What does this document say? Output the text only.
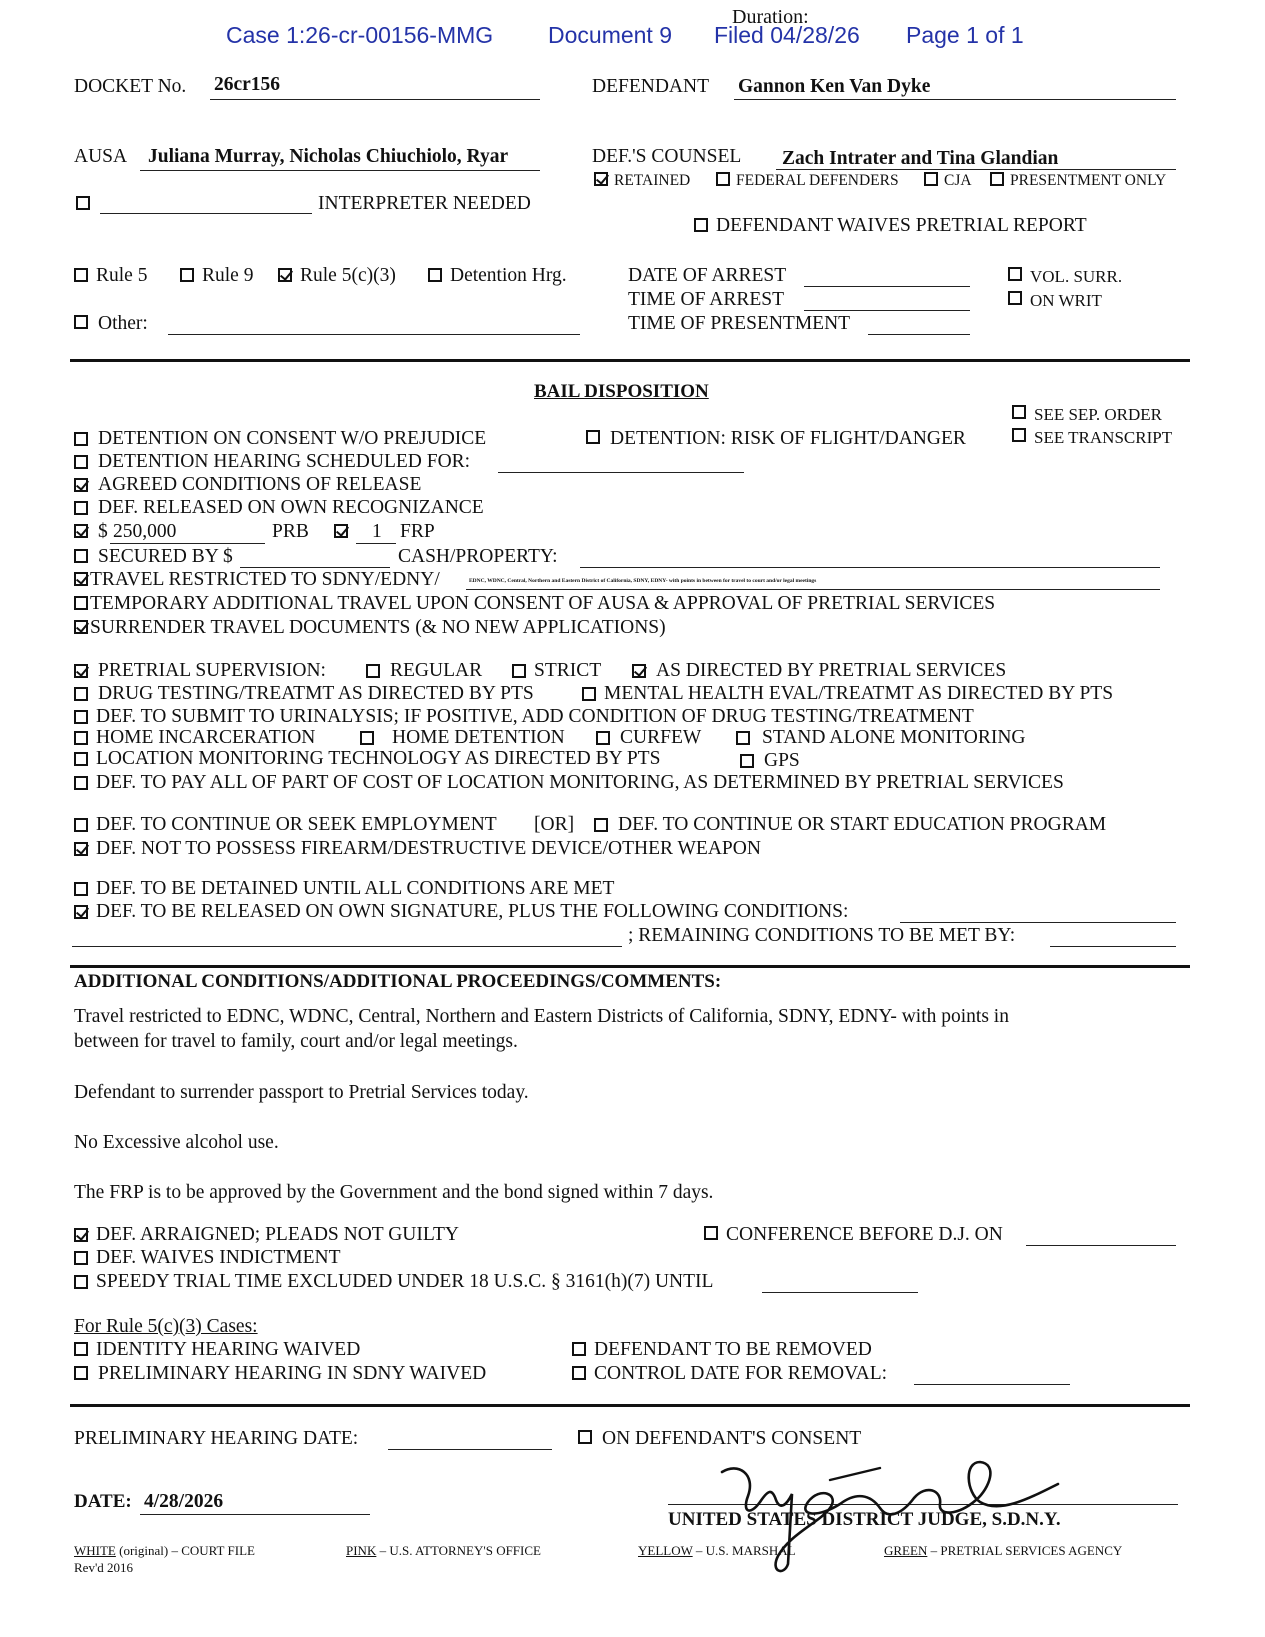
Duration:
Case 1:26-cr-00156-MMG Document 9 Filed 04/28/26 Page 1 of 1
DOCKET No. 26cr156	DEFENDANT Gannon Ken Van Dyke
AUSA Juliana Murray, Nicholas Chiuchiolo, Ryar	DEF.'S COUNSEL Zach Intrater and Tina Glandian
RETAINED	FEDERAL DEFENDERS	CJA PRESENTMENT ONLY
INTERPRETER NEEDED
DEFENDANT WAIVES PRETRIAL REPORT
Rule 5	Rule 9 Rule 5(c)(3)	Detention Hrg.	DATE OF ARREST
TIME OF ARREST
TIME OF PRESENTMENT
VOL. SURR.
ON WRIT
Other:
BAIL DISPOSITION
SEE SEP. ORDER
SEE TRANSCRIPT
DETENTION ON CONSENT W/O PREJUDICE	DETENTION: RISK OF FLIGHT/DANGER
DETENTION HEARING SCHEDULED FOR:
AGREED CONDITIONS OF RELEASE
DEF. RELEASED ON OWN RECOGNIZANCE
$ 250,000	PRB	1 FRP
SECURED BY $	CASH/PROPERTY:
TRAVEL RESTRICTED TO SDNY/EDNY/	EDNC, WDNC, Central, Northern and Eastern District of California, SDNY, EDNY- with points in between for travel to court and/or legal meetings
TEMPORARY ADDITIONAL TRAVEL UPON CONSENT OF AUSA & APPROVAL OF PRETRIAL SERVICES
SURRENDER TRAVEL DOCUMENTS (& NO NEW APPLICATIONS)
PRETRIAL SUPERVISION:	REGULAR	STRICT	AS DIRECTED BY PRETRIAL SERVICES
DRUG TESTING/TREATMT AS DIRECTED BY PTS	MENTAL HEALTH EVAL/TREATMT AS DIRECTED BY PTS
DEF. TO SUBMIT TO URINALYSIS; IF POSITIVE, ADD CONDITION OF DRUG TESTING/TREATMENT
HOME INCARCERATION	HOME DETENTION	CURFEW	STAND ALONE MONITORING
LOCATION MONITORING TECHNOLOGY AS DIRECTED BY PTS	GPS
DEF. TO PAY ALL OF PART OF COST OF LOCATION MONITORING, AS DETERMINED BY PRETRIAL SERVICES
DEF. TO CONTINUE OR SEEK EMPLOYMENT [OR] DEF. TO CONTINUE OR START EDUCATION PROGRAM
DEF. NOT TO POSSESS FIREARM/DESTRUCTIVE DEVICE/OTHER WEAPON
DEF. TO BE DETAINED UNTIL ALL CONDITIONS ARE MET
DEF. TO BE RELEASED ON OWN SIGNATURE, PLUS THE FOLLOWING CONDITIONS:
; REMAINING CONDITIONS TO BE MET BY:
ADDITIONAL CONDITIONS/ADDITIONAL PROCEEDINGS/COMMENTS:
Travel restricted to EDNC, WDNC, Central, Northern and Eastern Districts of California, SDNY, EDNY- with points in
between for travel to family, court and/or legal meetings.
Defendant to surrender passport to Pretrial Services today.
No Excessive alcohol use.
The FRP is to be approved by the Government and the bond signed within 7 days.
DEF. ARRAIGNED; PLEADS NOT GUILTY	CONFERENCE BEFORE D.J. ON
DEF. WAIVES INDICTMENT
SPEEDY TRIAL TIME EXCLUDED UNDER 18 U.S.C. § 3161(h)(7) UNTIL
For Rule 5(c)(3) Cases:
IDENTITY HEARING WAIVED	DEFENDANT TO BE REMOVED
PRELIMINARY HEARING IN SDNY WAIVED	CONTROL DATE FOR REMOVAL:
PRELIMINARY HEARING DATE:	ON DEFENDANT'S CONSENT
DATE: 4/28/2026
UNITED STATES DISTRICT JUDGE, S.D.N.Y.
WHITE (original) – COURT FILE
Rev'd 2016
PINK – U.S. ATTORNEY'S OFFICE	YELLOW – U.S. MARSHAL	GREEN – PRETRIAL SERVICES AGENCY
